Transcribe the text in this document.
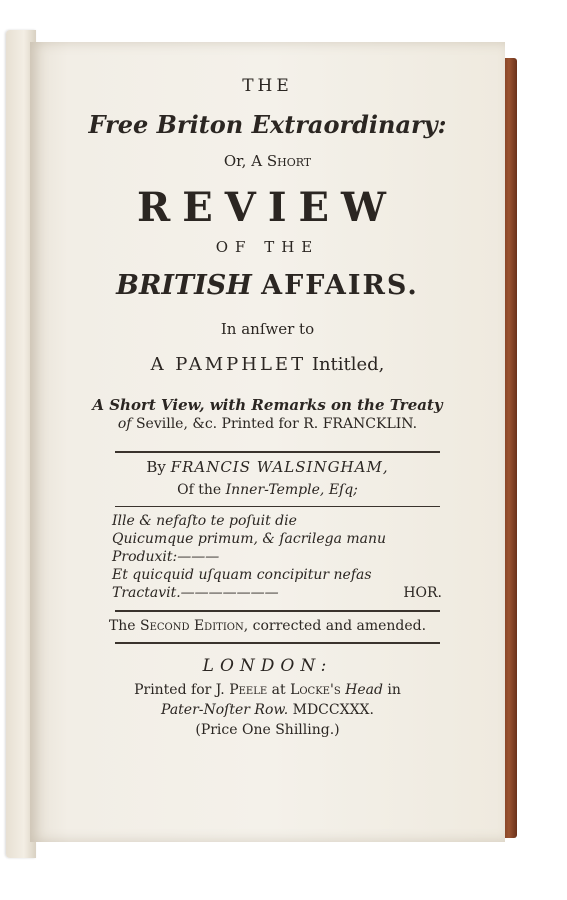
THE
Free Briton Extraordinary:
Or, A Short
REVIEW
OF THE
BRITISH AFFAIRS.
In anſwer to
A PAMPHLET Intitled,
A Short View, with Remarks on the Treaty
of Seville, &c. Printed for R. FRANCKLIN.
By FRANCIS WALSINGHAM,
Of the Inner-Temple, Eſq;
Ille & nefaſto te poſuit die
Quicumque primum, & ſacrilega manu
Produxit:———
Et quicquid uſquam concipitur nefas
Tractavit.———————	HOR.
The Second Edition, corrected and amended.
LONDON:
Printed for J. Peele at Locke's Head in
Pater-Noſter Row. MDCCXXX.
(Price One Shilling.)
